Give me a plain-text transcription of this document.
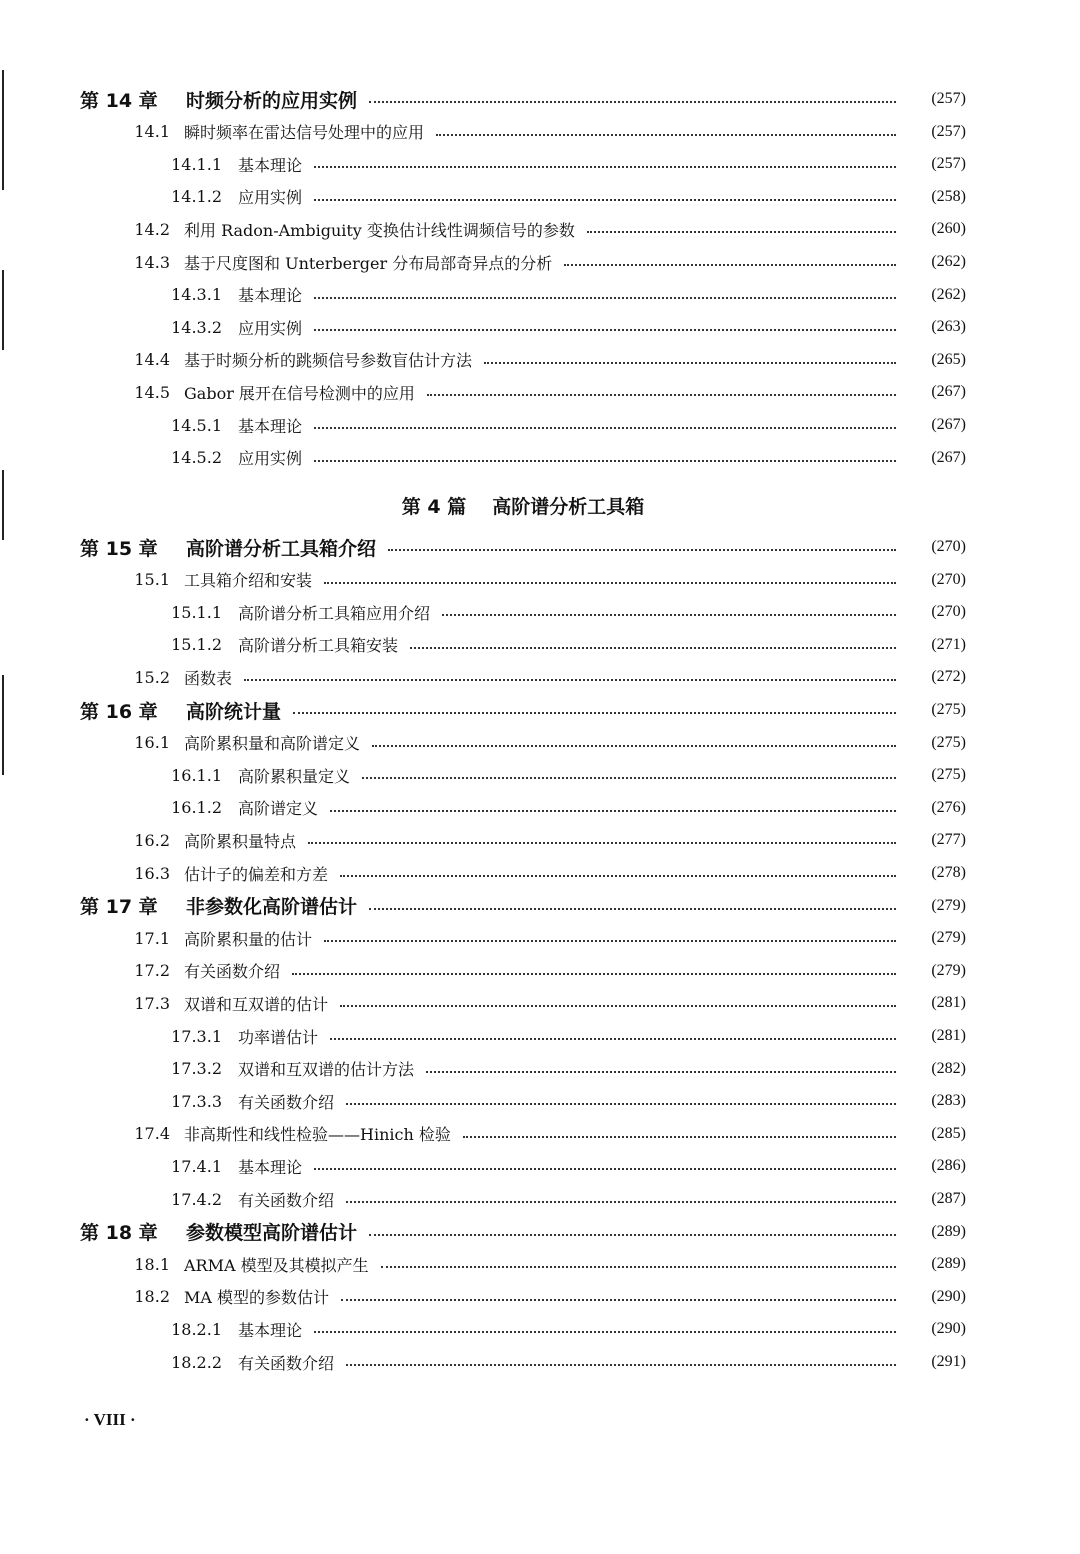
第 14 章	时频分析的应用实例	(257)
14.1 瞬时频率在雷达信号处理中的应用	(257)
14.1.1	基本理论	(257)
14.1.2	应用实例	(258)
14.2 利用 Radon-Ambiguity 变换估计线性调频信号的参数	(260)
14.3 基于尺度图和 Unterberger 分布局部奇异点的分析	(262)
14.3.1	基本理论	(262)
14.3.2	应用实例	(263)
14.4 基于时频分析的跳频信号参数盲估计方法	(265)
14.5 Gabor 展开在信号检测中的应用	(267)
14.5.1	基本理论	(267)
14.5.2	应用实例	(267)
第 4 篇 高阶谱分析工具箱
第 15 章	高阶谱分析工具箱介绍	(270)
15.1 工具箱介绍和安装	(270)
15.1.1	高阶谱分析工具箱应用介绍	(270)
15.1.2	高阶谱分析工具箱安装	(271)
15.2 函数表	(272)
第 16 章	高阶统计量	(275)
16.1 高阶累积量和高阶谱定义	(275)
16.1.1	高阶累积量定义	(275)
16.1.2	高阶谱定义	(276)
16.2 高阶累积量特点	(277)
16.3 估计子的偏差和方差	(278)
第 17 章	非参数化高阶谱估计	(279)
17.1 高阶累积量的估计	(279)
17.2 有关函数介绍	(279)
17.3 双谱和互双谱的估计	(281)
17.3.1	功率谱估计	(281)
17.3.2	双谱和互双谱的估计方法	(282)
17.3.3	有关函数介绍	(283)
17.4 非高斯性和线性检验——Hinich 检验	(285)
17.4.1	基本理论	(286)
17.4.2	有关函数介绍	(287)
第 18 章	参数模型高阶谱估计	(289)
18.1 ARMA 模型及其模拟产生	(289)
18.2 MA 模型的参数估计	(290)
18.2.1	基本理论	(290)
18.2.2	有关函数介绍	(291)
· VIII ·
